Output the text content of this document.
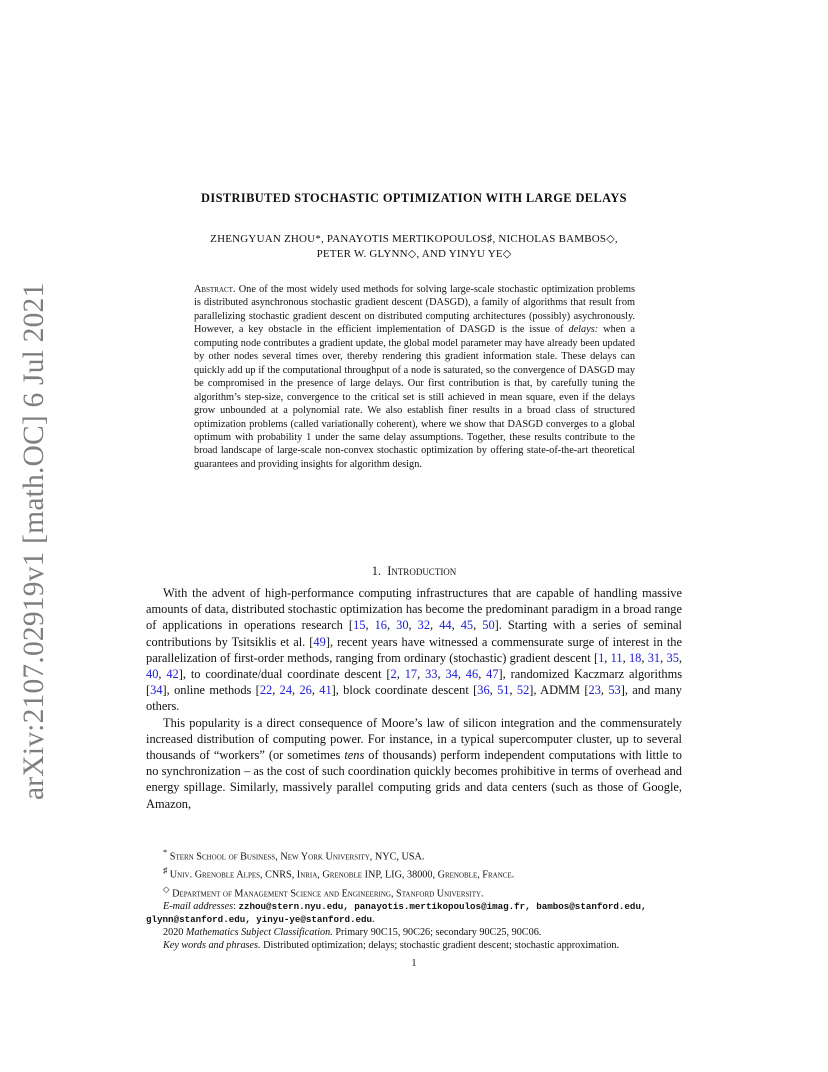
arXiv:2107.02919v1 [math.OC] 6 Jul 2021
DISTRIBUTED STOCHASTIC OPTIMIZATION WITH LARGE DELAYS
ZHENGYUAN ZHOU*, PANAYOTIS MERTIKOPOULOS♯, NICHOLAS BAMBOS◇,
PETER W. GLYNN◇, AND YINYU YE◇

Abstract. One of the most widely used methods for solving large-scale stochastic optimization problems is distributed asynchronous stochastic gradient descent (DASGD), a family of algorithms that result from parallelizing stochastic gradient descent on distributed computing architectures (possibly) asychronously. However, a key obstacle in the efficient implementation of DASGD is the issue of delays: when a computing node contributes a gradient update, the global model parameter may have already been updated by other nodes several times over, thereby rendering this gradient information stale. These delays can quickly add up if the computational throughput of a node is saturated, so the convergence of DASGD may be compromised in the presence of large delays. Our first contribution is that, by carefully tuning the algorithm’s step-size, convergence to the critical set is still achieved in mean square, even if the delays grow unbounded at a polynomial rate. We also establish finer results in a broad class of structured optimization problems (called variationally coherent), where we show that DASGD converges to a global optimum with probability 1 under the same delay assumptions. Together, these results contribute to the broad landscape of large-scale non-convex stochastic optimization by offering state-of-the-art theoretical guarantees and providing insights for algorithm design.

1. Introduction

With the advent of high-performance computing infrastructures that are capable of handling massive amounts of data, distributed stochastic optimization has become the predominant paradigm in a broad range of applications in operations research [15, 16, 30, 32, 44, 45, 50]. Starting with a series of seminal contributions by Tsitsiklis et al. [49], recent years have witnessed a commensurate surge of interest in the parallelization of first-order methods, ranging from ordinary (stochastic) gradient descent [1, 11, 18, 31, 35, 40, 42], to coordinate/dual coordinate descent [2, 17, 33, 34, 46, 47], randomized Kaczmarz algorithms [34], online methods [22, 24, 26, 41], block coordinate descent [36, 51, 52], ADMM [23, 53], and many others.

This popularity is a direct consequence of Moore’s law of silicon integration and the commensurately increased distribution of computing power. For instance, in a typical supercomputer cluster, up to several thousands of “workers” (or sometimes tens of thousands) perform independent computations with little to no synchronization – as the cost of such coordination quickly becomes prohibitive in terms of overhead and energy spillage. Similarly, massively parallel computing grids and data centers (such as those of Google, Amazon,

* Stern School of Business, New York University, NYC, USA.
♯ Univ. Grenoble Alpes, CNRS, Inria, Grenoble INP, LIG, 38000, Grenoble, France.
◇ Department of Management Science and Engineering, Stanford University.
E-mail addresses: zzhou@stern.nyu.edu, panayotis.mertikopoulos@imag.fr, bambos@stanford.edu,
glynn@stanford.edu, yinyu-ye@stanford.edu.
2020 Mathematics Subject Classification. Primary 90C15, 90C26; secondary 90C25, 90C06.
Key words and phrases. Distributed optimization; delays; stochastic gradient descent; stochastic approximation.
1
